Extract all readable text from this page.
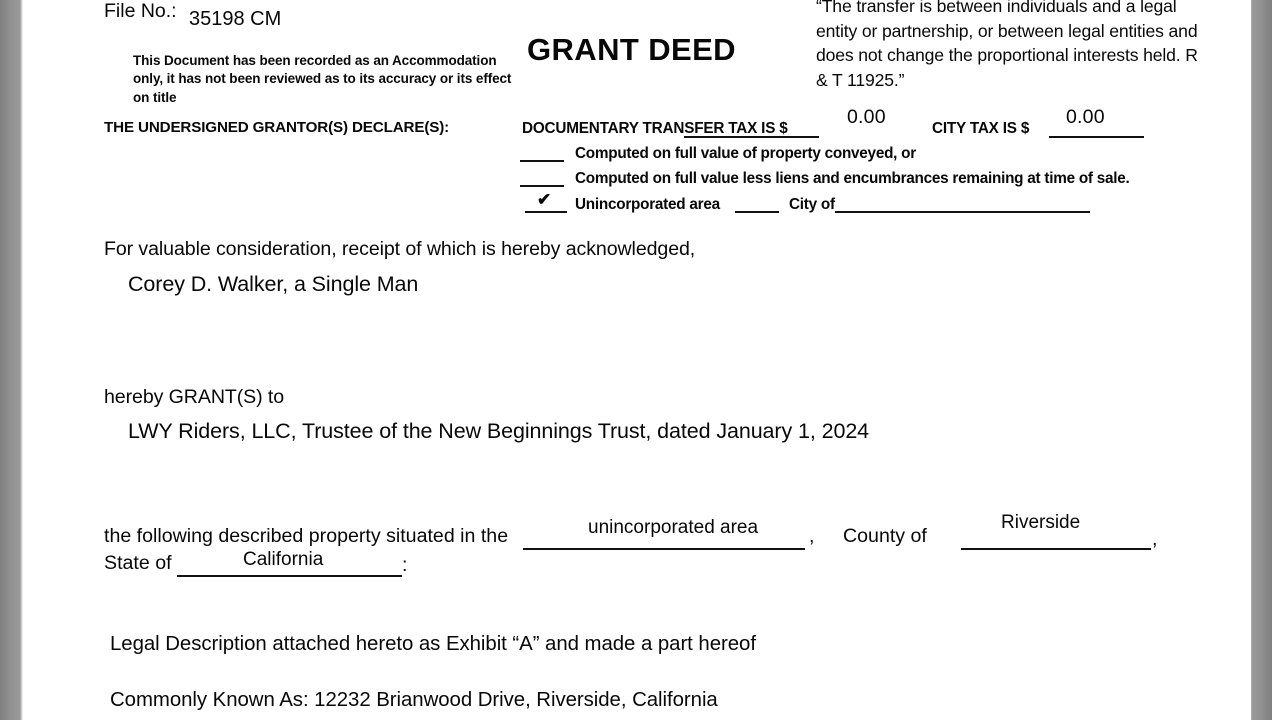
File No.: 35198 CM
This Document has been recorded as an Accommodation only, it has not been reviewed as to its accuracy or its effect on title
THE UNDERSIGNED GRANTOR(S) DECLARE(S):
GRANT DEED
“The transfer is between individuals and a legal entity or partnership, or between legal entities and does not change the proportional interests held. R & T 11925.”
DOCUMENTARY TRANSFER TAX IS $
0.00
CITY TAX IS $
0.00
Computed on full value of property conveyed, or
Computed on full value less liens and encumbrances remaining at time of sale.
✔ Unincorporated area	City of
For valuable consideration, receipt of which is hereby acknowledged,
Corey D. Walker, a Single Man
hereby GRANT(S) to
LWY Riders, LLC, Trustee of the New Beginnings Trust, dated January 1, 2024
the following described property situated in the	unincorporated area	, County of
Riverside
,
State of	California	:
Legal Description attached hereto as Exhibit “A” and made a part hereof
Commonly Known As: 12232 Brianwood Drive, Riverside, California
